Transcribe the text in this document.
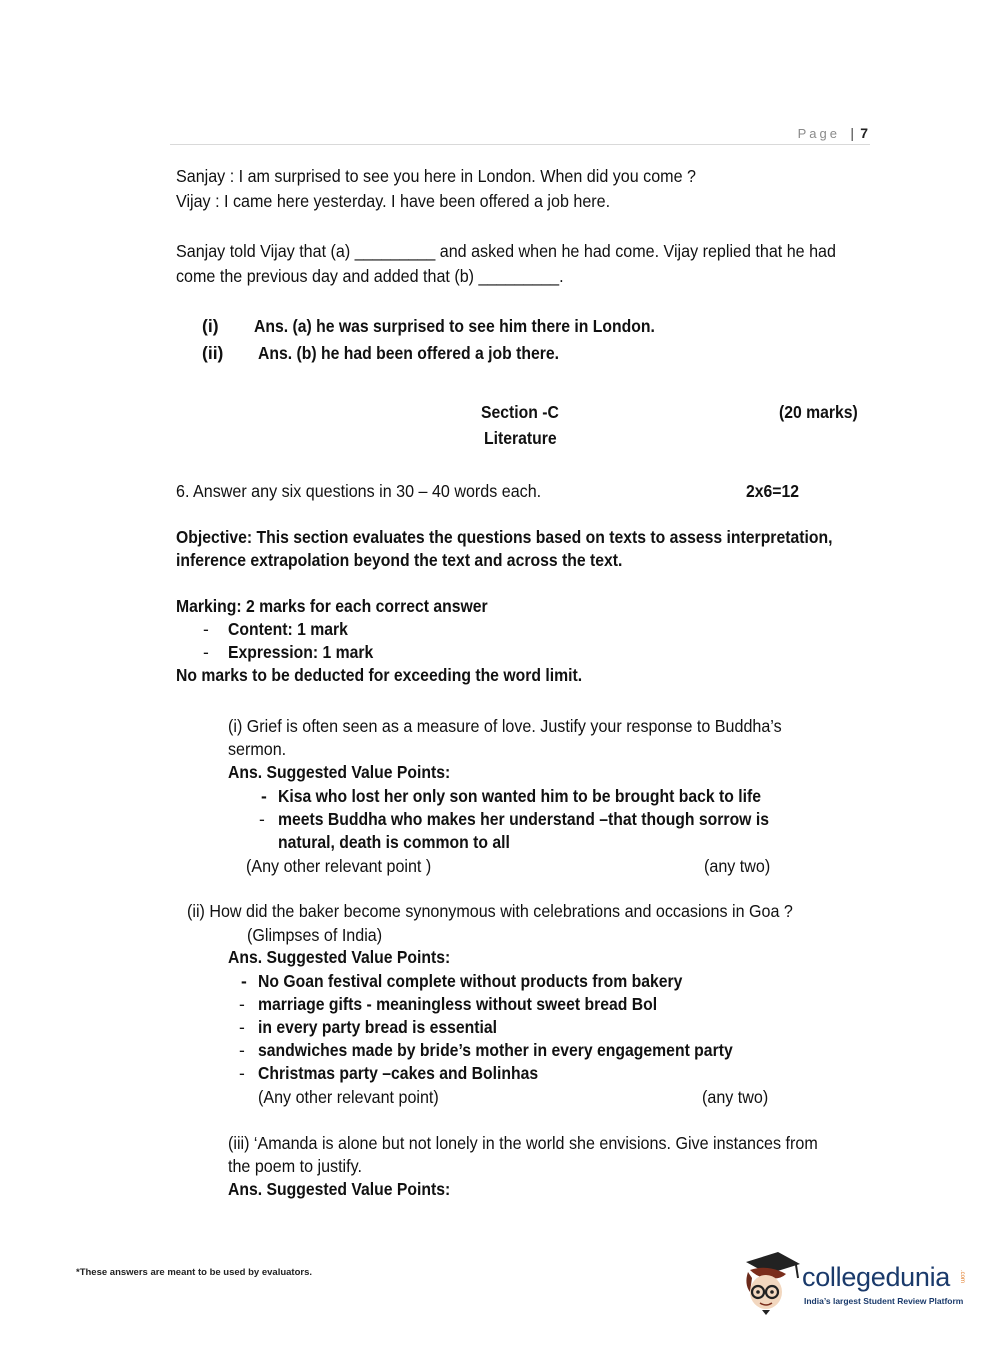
Page | 7
Sanjay : I am surprised to see you here in London. When did you come ?
Vijay : I came here yesterday. I have been offered a job here.
Sanjay told Vijay that (a) _________ and asked when he had come. Vijay replied that he had
come the previous day and added that (b) _________.
(i) Ans. (a) he was surprised to see him there in London.
(ii) Ans. (b) he had been offered a job there.
Section -C
Literature
(20 marks)
6. Answer any six questions in 30 – 40 words each.	2x6=12
Objective: This section evaluates the questions based on texts to assess interpretation,
inference extrapolation beyond the text and across the text.
Marking: 2 marks for each correct answer
- Content: 1 mark
- Expression: 1 mark
No marks to be deducted for exceeding the word limit.
(i) Grief is often seen as a measure of love. Justify your response to Buddha’s
sermon.
Ans. Suggested Value Points:
- Kisa who lost her only son wanted him to be brought back to life
- meets Buddha who makes her understand –that though sorrow is
natural, death is common to all
(Any other relevant point )	(any two)
(ii) How did the baker become synonymous with celebrations and occasions in Goa ?
(Glimpses of India)
Ans. Suggested Value Points:
- No Goan festival complete without products from bakery
- marriage gifts - meaningless without sweet bread Bol
- in every party bread is essential
- sandwiches made by bride’s mother in every engagement party
- Christmas party –cakes and Bolinhas
(Any other relevant point)	(any two)
(iii) ‘Amanda is alone but not lonely in the world she envisions. Give instances from
the poem to justify.
Ans. Suggested Value Points:
*These answers are meant to be used by evaluators.	collegedunia .com
India’s largest Student Review Platform
